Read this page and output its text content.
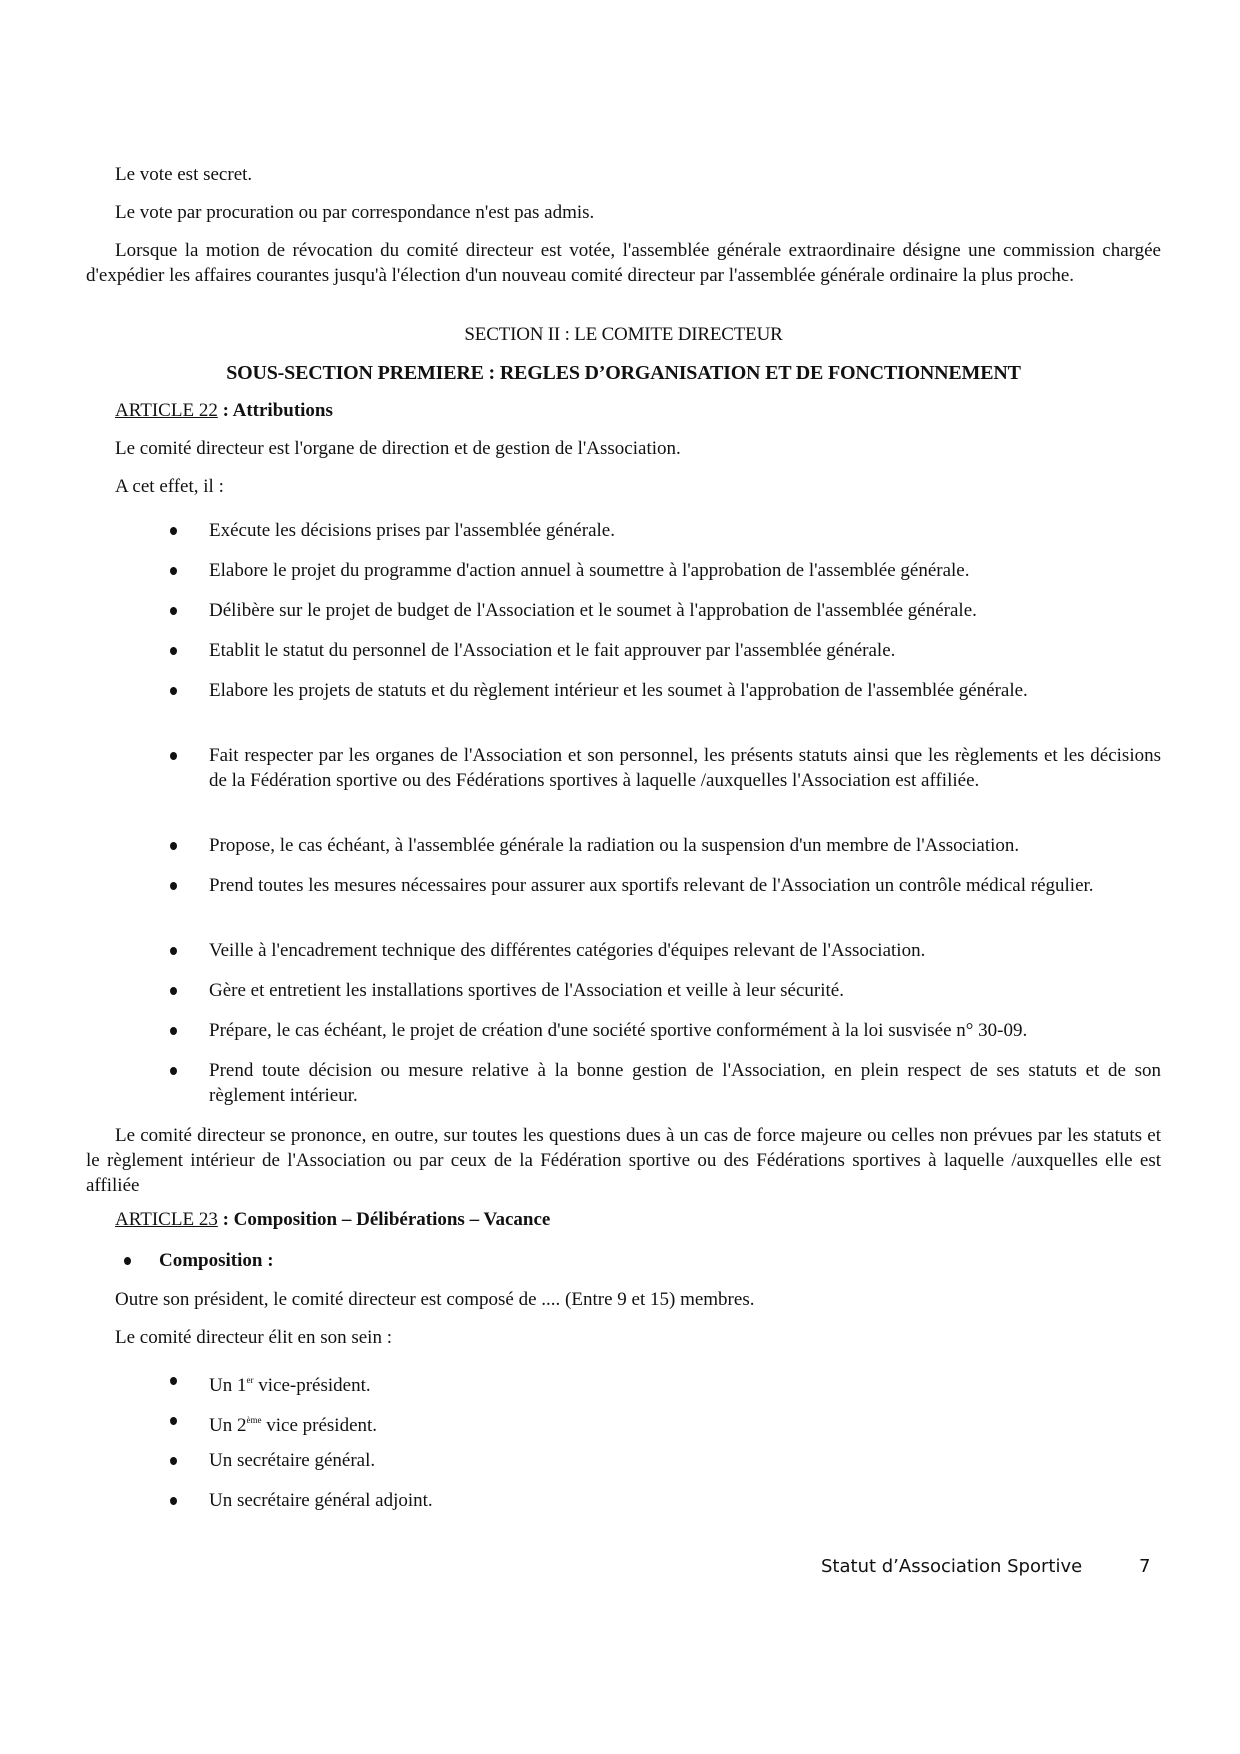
Le vote est secret.
Le vote par procuration ou par correspondance n'est pas admis.
Lorsque la motion de révocation du comité directeur est votée, l'assemblée générale extraordinaire désigne une commission chargée d'expédier les affaires courantes jusqu'à l'élection d'un nouveau comité directeur par l'assemblée générale ordinaire la plus proche.
SECTION II : LE COMITE DIRECTEUR
SOUS-SECTION PREMIERE : REGLES D’ORGANISATION ET DE FONCTIONNEMENT
ARTICLE 22 : Attributions
Le comité directeur est l'organe de direction et de gestion de l'Association.
A cet effet, il :
Exécute les décisions prises par l'assemblée générale.
Elabore le projet du programme d'action annuel à soumettre à l'approbation de l'assemblée générale.
Délibère sur le projet de budget de l'Association et le soumet à l'approbation de l'assemblée générale.
Etablit le statut du personnel de l'Association et le fait approuver par l'assemblée générale.
Elabore les projets de statuts et du règlement intérieur et les soumet à l'approbation de l'assemblée générale.
Fait respecter par les organes de l'Association et son personnel, les présents statuts ainsi que les règlements et les décisions de la Fédération sportive ou des Fédérations sportives à laquelle /auxquelles l'Association est affiliée.
Propose, le cas échéant, à l'assemblée générale la radiation ou la suspension d'un membre de l'Association.
Prend toutes les mesures nécessaires pour assurer aux sportifs relevant de l'Association un contrôle médical régulier.
Veille à l'encadrement technique des différentes catégories d'équipes relevant de l'Association.
Gère et entretient les installations sportives de l'Association et veille à leur sécurité.
Prépare, le cas échéant, le projet de création d'une société sportive conformément à la loi susvisée n° 30-09.
Prend toute décision ou mesure relative à la bonne gestion de l'Association, en plein respect de ses statuts et de son règlement intérieur.
Le comité directeur se prononce, en outre, sur toutes les questions dues à un cas de force majeure ou celles non prévues par les statuts et le règlement intérieur de l'Association ou par ceux de la Fédération sportive ou des Fédérations sportives à laquelle /auxquelles elle est affiliée
ARTICLE 23 : Composition – Délibérations – Vacance
Composition :
Outre son président, le comité directeur est composé de .... (Entre 9 et 15) membres.
Le comité directeur élit en son sein :
Un 1er vice-président.
Un 2ème vice président.
Un secrétaire général.
Un secrétaire général adjoint.
Statut d’Association Sportive	7
